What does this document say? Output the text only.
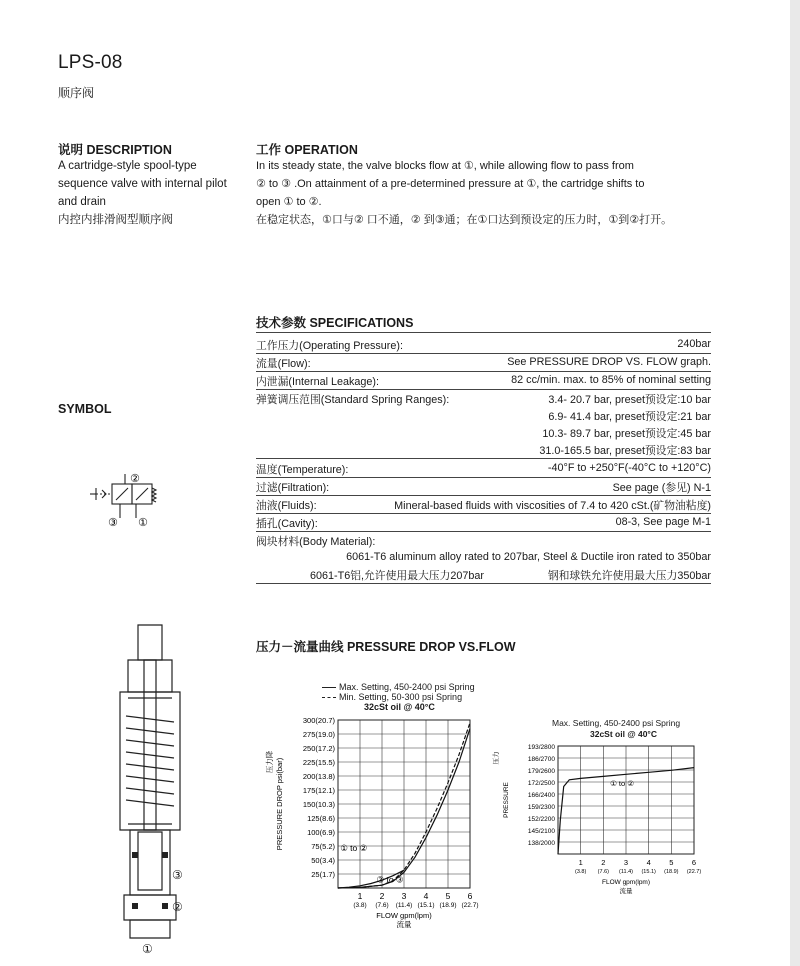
LPS-08
顺序阀
说明 DESCRIPTION
A cartridge-style spool-type
sequence valve with internal pilot
and drain
内控内排滑阀型顺序阀
工作 OPERATION
In its steady state, the valve blocks flow at ①, while allowing flow to pass from
② to ③ .On attainment of a pre-determined pressure at ①, the cartridge shifts to
open ① to ②.
在稳定状态，①口与② 口不通，② 到③通；在①口达到预设定的压力时，①到②打开。
技术参数 SPECIFICATIONS
工作压力(Operating Pressure):	240bar
流量(Flow):	See PRESSURE DROP VS. FLOW graph.
内泄漏(Internal Leakage):	82 cc/min. max. to 85% of nominal setting
弹簧调压范围(Standard Spring Ranges):	3.4- 20.7 bar, preset预设定:10 bar
6.9- 41.4 bar, preset预设定:21 bar
10.3- 89.7 bar, preset预设定:45 bar
31.0-165.5 bar, preset预设定:83 bar
温度(Temperature):	-40°F to +250°F(-40°C to +120°C)
过滤(Filtration):	See page (参见) N-1
油液(Fluids):	Mineral-based fluids with viscosities of 7.4 to 420 cSt.(矿物油粘度)
插孔(Cavity):	08-3, See page M-1
阀块材料(Body Material):
6061-T6 aluminum alloy rated to 207bar, Steel & Ductile iron rated to 350bar
6061-T6铝,允许使用最大压力207bar	钢和球铁允许使用最大压力350bar
SYMBOL
②
③ ①
③
②
①
压力－流量曲线 PRESSURE DROP VS.FLOW
Max. Setting, 450-2400 psi Spring
Min. Setting, 50-300 psi Spring
32cSt oil @ 40°C
300(20.7)
275(19.0)
250(17.2)
225(15.5)
200(13.8)
175(12.1)
150(10.3)
125(8.6)
100(6.9)
75(5.2)
50(3.4)
25(1.7)
1
(3.8)
2
(7.6)
3
(11.4)
4
(15.1)
5
(18.9)
6
(22.7)
FLOW gpm(lpm)
流量
PRESSURE DROP psi(bar)
压力降
① to ②
② to ③
Max. Setting, 450-2400 psi Spring
32cSt oil @ 40°C
193/2800
186/2700
179/2600
172/2500
166/2400
159/2300
152/2200
145/2100
138/2000
1
(3.8)
2
(7.6)
3
(11.4)
4
(15.1)
5
(18.9)
6
(22.7)
FLOW gpm(lpm)
流量
PRESSURE
压力
① to ②
